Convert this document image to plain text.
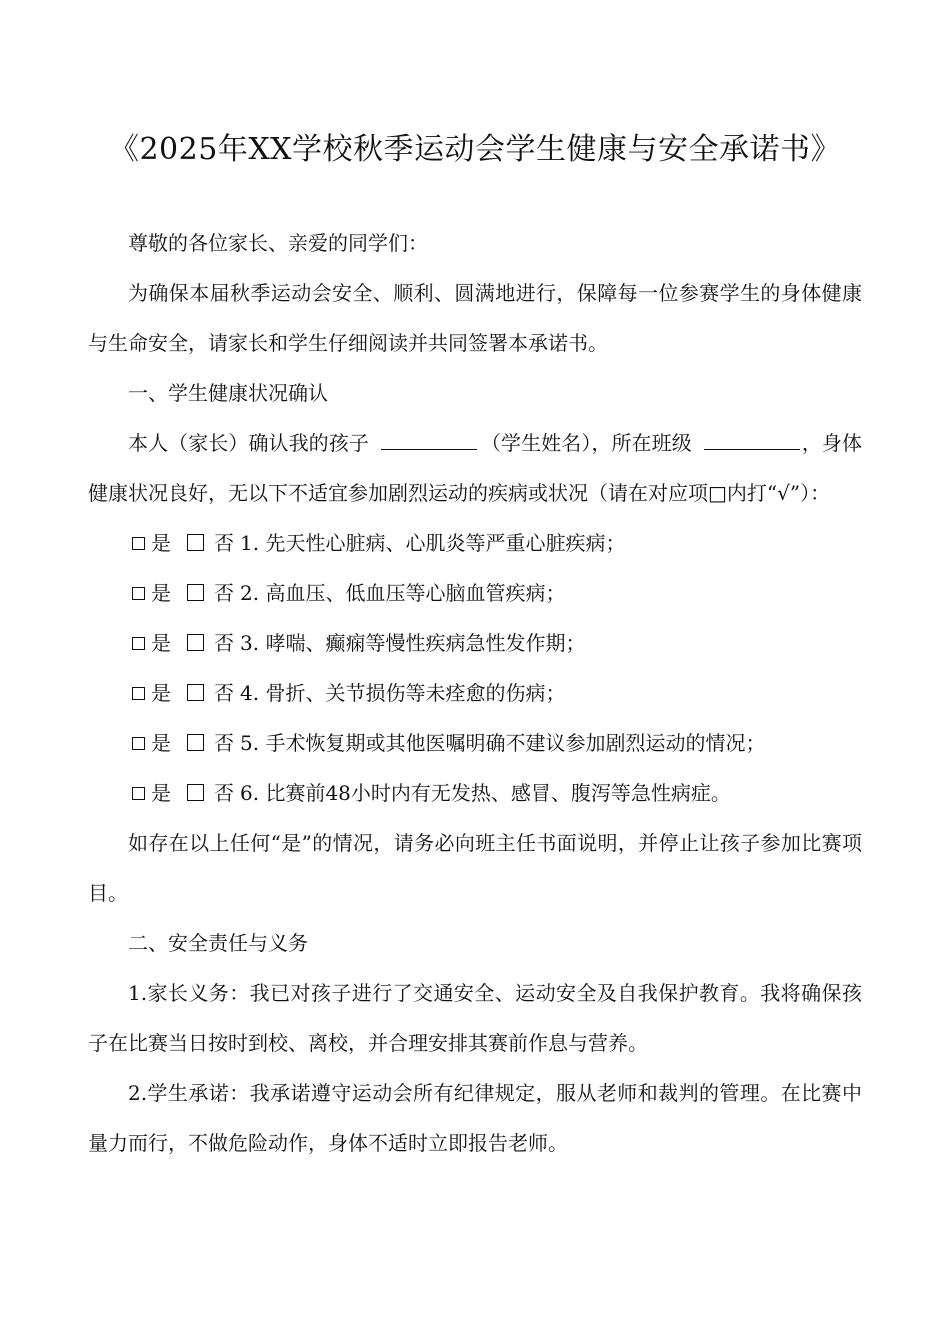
《2025年XX学校秋季运动会学生健康与安全承诺书》

尊敬的各位家长、亲爱的同学们：

为确保本届秋季运动会安全、顺利、圆满地进行，保障每一位参赛学生的身体健康与生命安全，请家长和学生仔细阅读并共同签署本承诺书。

一、学生健康状况确认

本人（家长）确认我的孩子	（学生姓名），所在班级	，身体健康状况良好，无以下不适宜参加剧烈运动的疾病或状况（请在对应项□内打“√”）：

是 否 1. 先天性心脏病、心肌炎等严重心脏疾病；
是 否 2. 高血压、低血压等心脑血管疾病；
是 否 3. 哮喘、癫痫等慢性疾病急性发作期；
是 否 4. 骨折、关节损伤等未痊愈的伤病；
是 否 5. 手术恢复期或其他医嘱明确不建议参加剧烈运动的情况；
是 否 6. 比赛前48小时内有无发热、感冒、腹泻等急性病症。

如存在以上任何“是”的情况，请务必向班主任书面说明，并停止让孩子参加比赛项目。

二、安全责任与义务

1.家长义务：我已对孩子进行了交通安全、运动安全及自我保护教育。我将确保孩子在比赛当日按时到校、离校，并合理安排其赛前作息与营养。

2.学生承诺：我承诺遵守运动会所有纪律规定，服从老师和裁判的管理。在比赛中量力而行，不做危险动作，身体不适时立即报告老师。
